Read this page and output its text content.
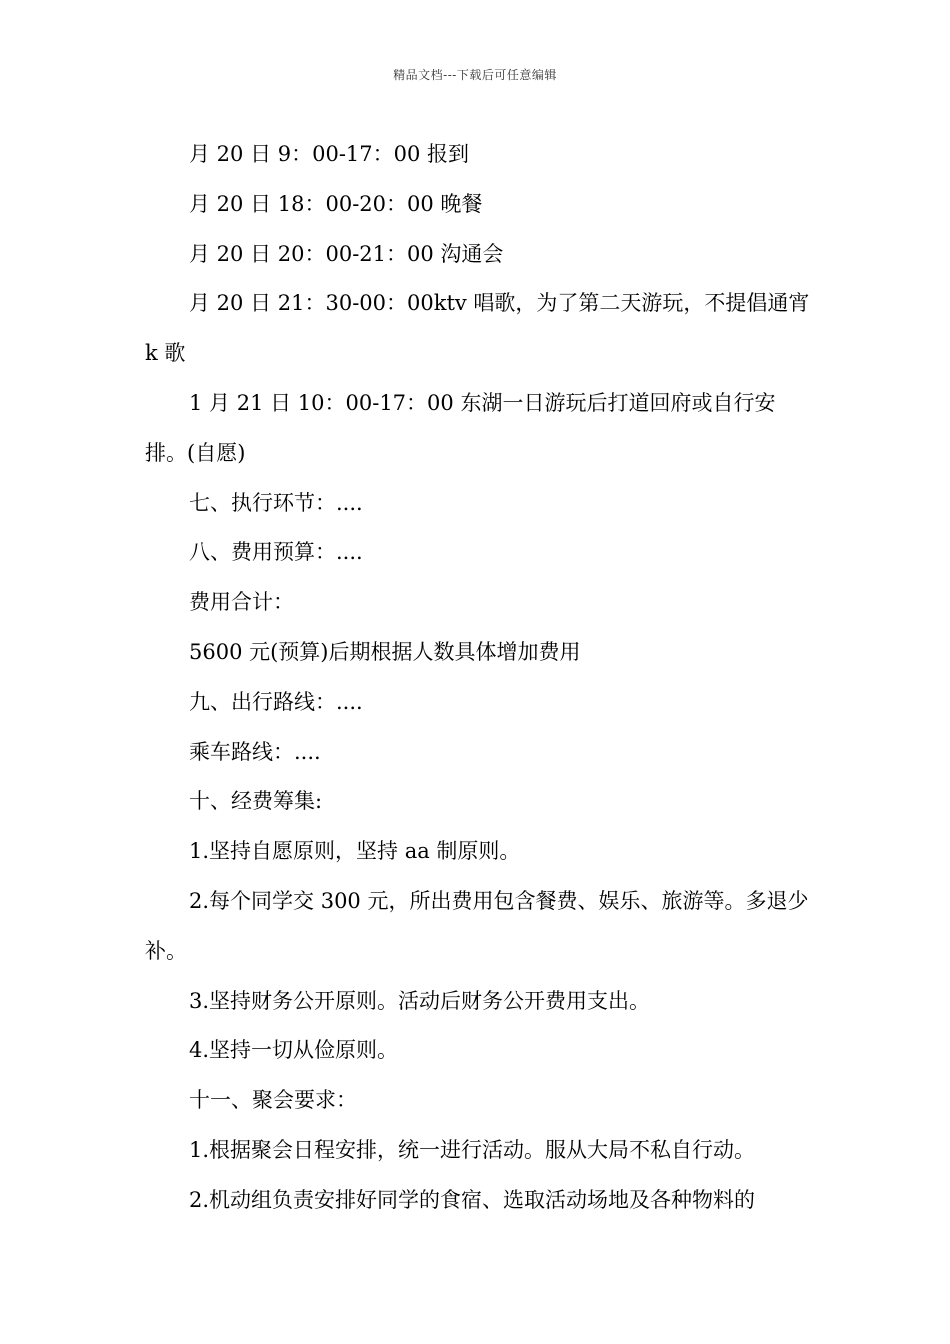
精品文档---下载后可任意编辑

月 20 日 9：00-17：00 报到

月 20 日 18：00-20：00 晚餐

月 20 日 20：00-21：00 沟通会

月 20 日 21：30-00：00ktv 唱歌，为了第二天游玩，不提倡通宵 k 歌

1 月 21 日 10：00-17：00 东湖一日游玩后打道回府或自行安排。(自愿)

七、执行环节：....

八、费用预算：....

费用合计：

5600 元(预算)后期根据人数具体增加费用

九、出行路线：....

乘车路线：....

十、经费筹集:

1.坚持自愿原则，坚持 aa 制原则。

2.每个同学交 300 元，所出费用包含餐费、娱乐、旅游等。多退少补。

3.坚持财务公开原则。活动后财务公开费用支出。

4.坚持一切从俭原则。

十一、聚会要求：

1.根据聚会日程安排，统一进行活动。服从大局不私自行动。

2.机动组负责安排好同学的食宿、选取活动场地及各种物料的
